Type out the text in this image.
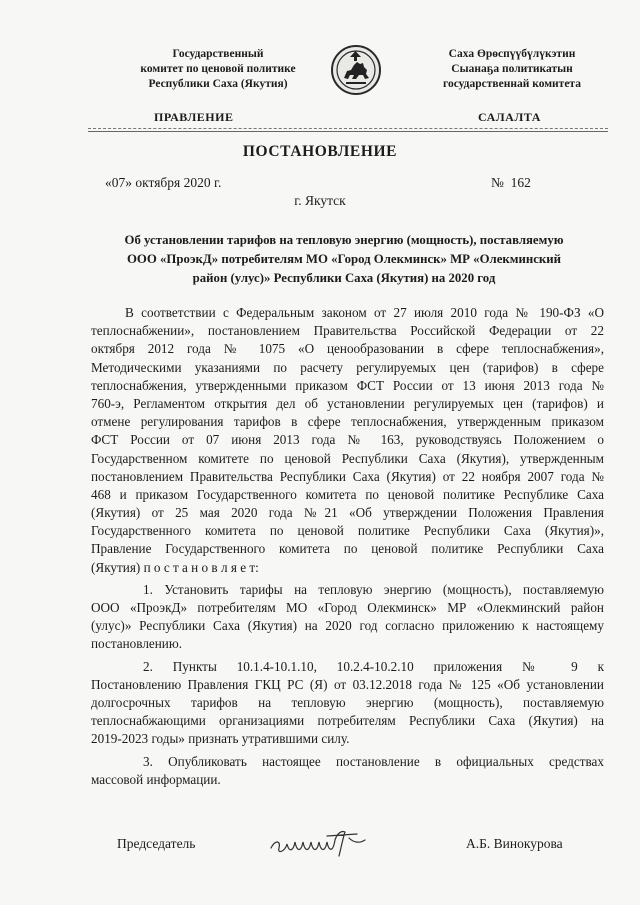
Государственный
комитет по ценовой политике
Республики Саха (Якутия)
Саха Өрөспүүбүлүкэтин
Сыанаҕа политикатын
государственнай комитета
ПРАВЛЕНИЕ	САЛАЛТА
ПОСТАНОВЛЕНИЕ
«07» октября 2020 г.	№  162
г. Якутск
Об установлении тарифов на тепловую энергию (мощность), поставляемую
ООО «ПроэкД» потребителям МО «Город Олекминск» МР «Олекминский
район (улус)» Республики Саха (Якутия) на 2020 год
В соответствии с Федеральным законом от 27 июля 2010 года № 190-ФЗ «О
теплоснабжении», постановлением Правительства Российской Федерации от 22
октября 2012 года № 1075 «О ценообразовании в сфере теплоснабжения»,
Методическими указаниями по расчету регулируемых цен (тарифов) в сфере
теплоснабжения, утвержденными приказом ФСТ России от 13 июня 2013 года №
760-э, Регламентом открытия дел об установлении регулируемых цен (тарифов) и
отмене регулирования тарифов в сфере теплоснабжения, утвержденным приказом
ФСТ России от 07 июня 2013 года № 163, руководствуясь Положением о
Государственном комитете по ценовой Республики Саха (Якутия), утвержденным
постановлением Правительства Республики Саха (Якутия) от 22 ноября 2007 года №
468 и приказом Государственного комитета по ценовой политике Республике Саха
(Якутия) от 25 мая 2020 года №21 «Об утверждении Положения Правления
Государственного комитета по ценовой политике Республики Саха (Якутия)»,
Правление Государственного комитета по ценовой политике Республики Саха
(Якутия) п о с т а н о в л я е т:
1. Установить тарифы на тепловую энергию (мощность), поставляемую
ООО «ПроэкД» потребителям МО «Город Олекминск» МР «Олекминский район
(улус)» Республики Саха (Якутия) на 2020 год согласно приложению к настоящему
постановлению.
2. Пункты 10.1.4-10.1.10, 10.2.4-10.2.10 приложения № 9 к
Постановлению Правления ГКЦ РС (Я) от 03.12.2018 года № 125 «Об установлении
долгосрочных тарифов на тепловую энергию (мощность), поставляемую
теплоснабжающими организациями потребителям Республики Саха (Якутия) на
2019-2023 годы» признать утратившими силу.
3. Опубликовать настоящее постановление в официальных средствах
массовой информации.
Председатель	А.Б. Винокурова
